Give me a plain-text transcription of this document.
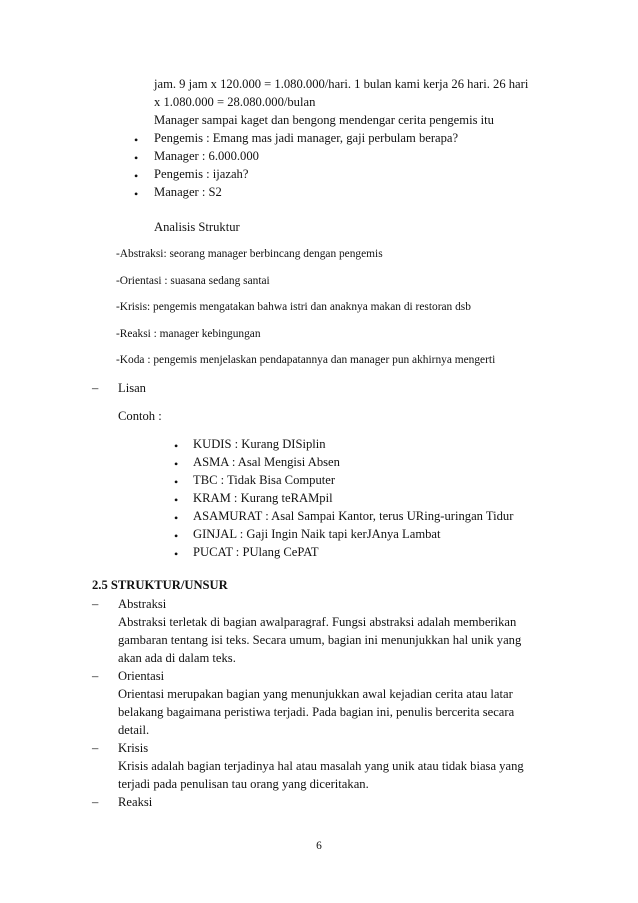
jam. 9 jam x 120.000 = 1.080.000/hari. 1 bulan kami kerja 26 hari. 26 hari
x 1.080.000 = 28.080.000/bulan
Manager sampai kaget dan bengong mendengar cerita pengemis itu
• Pengemis : Emang mas jadi manager, gaji perbulam berapa?
• Manager : 6.000.000
• Pengemis : ijazah?
• Manager : S2
Analisis Struktur
-Abstraksi: seorang manager berbincang dengan pengemis
-Orientasi : suasana sedang santai
-Krisis: pengemis mengatakan bahwa istri dan anaknya makan di restoran dsb
-Reaksi : manager kebingungan
-Koda : pengemis menjelaskan pendapatannya dan manager pun akhirnya mengerti
– Lisan
Contoh :
• KUDIS : Kurang DISiplin
• ASMA : Asal Mengisi Absen
• TBC : Tidak Bisa Computer
• KRAM : Kurang teRAMpil
• ASAMURAT : Asal Sampai Kantor, terus URing-uringan Tidur
• GINJAL : Gaji Ingin Naik tapi kerJAnya Lambat
• PUCAT : PUlang CePAT
2.5 STRUKTUR/UNSUR
– Abstraksi
Abstraksi terletak di bagian awalparagraf. Fungsi abstraksi adalah memberikan
gambaran tentang isi teks. Secara umum, bagian ini menunjukkan hal unik yang
akan ada di dalam teks.
– Orientasi
Orientasi merupakan bagian yang menunjukkan awal kejadian cerita atau latar
belakang bagaimana peristiwa terjadi. Pada bagian ini, penulis bercerita secara
detail.
– Krisis
Krisis adalah bagian terjadinya hal atau masalah yang unik atau tidak biasa yang
terjadi pada penulisan tau orang yang diceritakan.
– Reaksi
6
